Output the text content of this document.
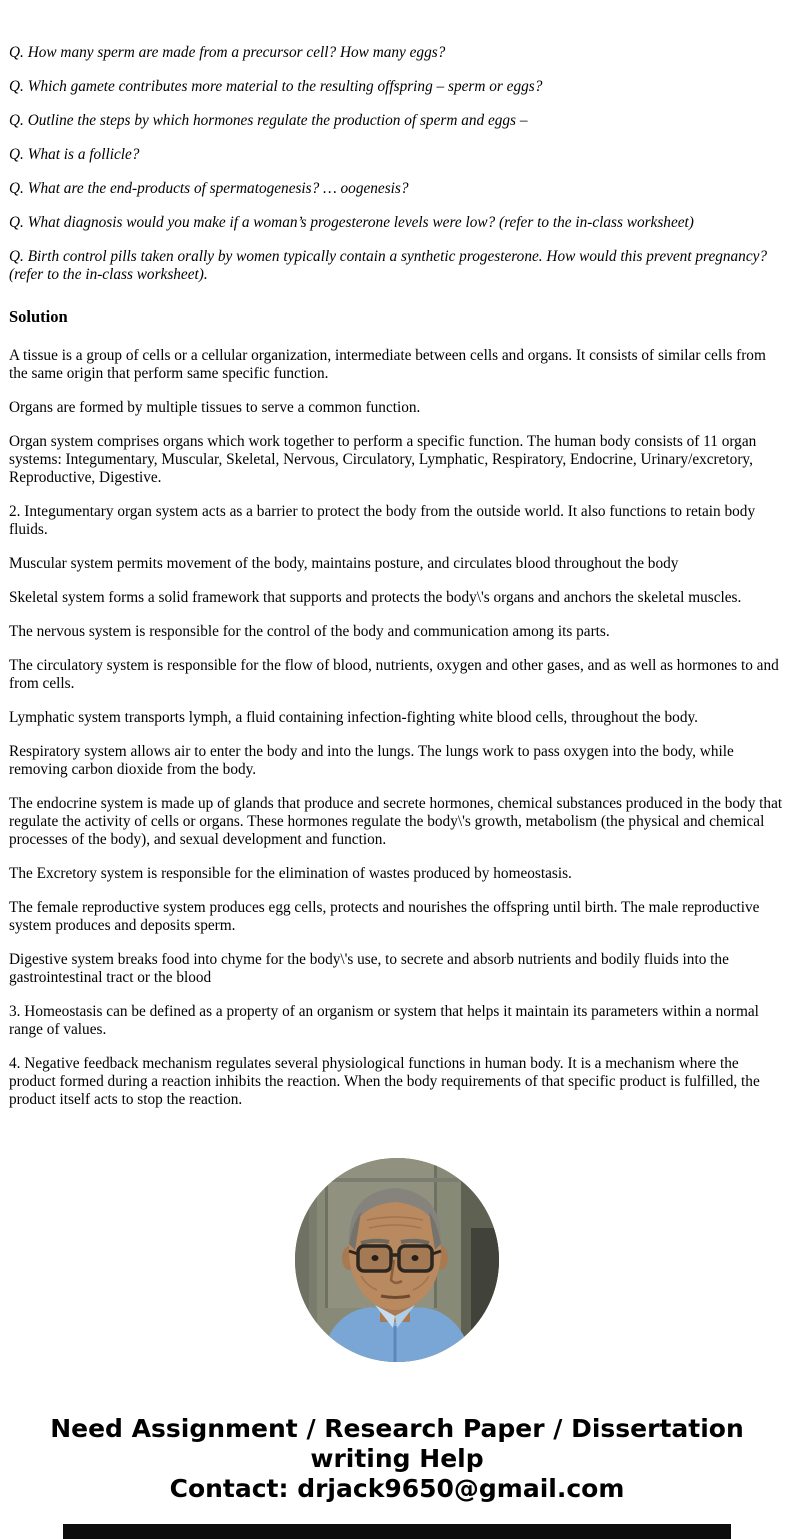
Q. How many sperm are made from a precursor cell? How many eggs?

Q. Which gamete contributes more material to the resulting offspring – sperm or eggs?

Q. Outline the steps by which hormones regulate the production of sperm and eggs –

Q. What is a follicle?

Q. What are the end-products of spermatogenesis? … oogenesis?

Q. What diagnosis would you make if a woman’s progesterone levels were low? (refer to the in-class worksheet)

Q. Birth control pills taken orally by women typically contain a synthetic progesterone. How would this prevent pregnancy? (refer to the in-class worksheet).

Solution

A tissue is a group of cells or a cellular organization, intermediate between cells and organs. It consists of similar cells from the same origin that perform same specific function.

Organs are formed by multiple tissues to serve a common function.

Organ system comprises organs which work together to perform a specific function. The human body consists of 11 organ systems: Integumentary, Muscular, Skeletal, Nervous, Circulatory, Lymphatic, Respiratory, Endocrine, Urinary/excretory, Reproductive, Digestive.

2. Integumentary organ system acts as a barrier to protect the body from the outside world. It also functions to retain body fluids.

Muscular system permits movement of the body, maintains posture, and circulates blood throughout the body

Skeletal system forms a solid framework that supports and protects the body\'s organs and anchors the skeletal muscles.

The nervous system is responsible for the control of the body and communication among its parts.

The circulatory system is responsible for the flow of blood, nutrients, oxygen and other gases, and as well as hormones to and from cells.

Lymphatic system transports lymph, a fluid containing infection-fighting white blood cells, throughout the body.

Respiratory system allows air to enter the body and into the lungs. The lungs work to pass oxygen into the body, while removing carbon dioxide from the body.

The endocrine system is made up of glands that produce and secrete hormones, chemical substances produced in the body that regulate the activity of cells or organs. These hormones regulate the body\'s growth, metabolism (the physical and chemical processes of the body), and sexual development and function.

The Excretory system is responsible for the elimination of wastes produced by homeostasis.

The female reproductive system produces egg cells, protects and nourishes the offspring until birth. The male reproductive system produces and deposits sperm.

Digestive system breaks food into chyme for the body\'s use, to secrete and absorb nutrients and bodily fluids into the gastrointestinal tract or the blood

3. Homeostasis can be defined as a property of an organism or system that helps it maintain its parameters within a normal range of values.

4. Negative feedback mechanism regulates several physiological functions in human body. It is a mechanism where the product formed during a reaction inhibits the reaction. When the body requirements of that specific product is fulfilled, the product itself acts to stop the reaction.

Need Assignment / Research Paper / Dissertation writing Help
Contact: drjack9650@gmail.com
